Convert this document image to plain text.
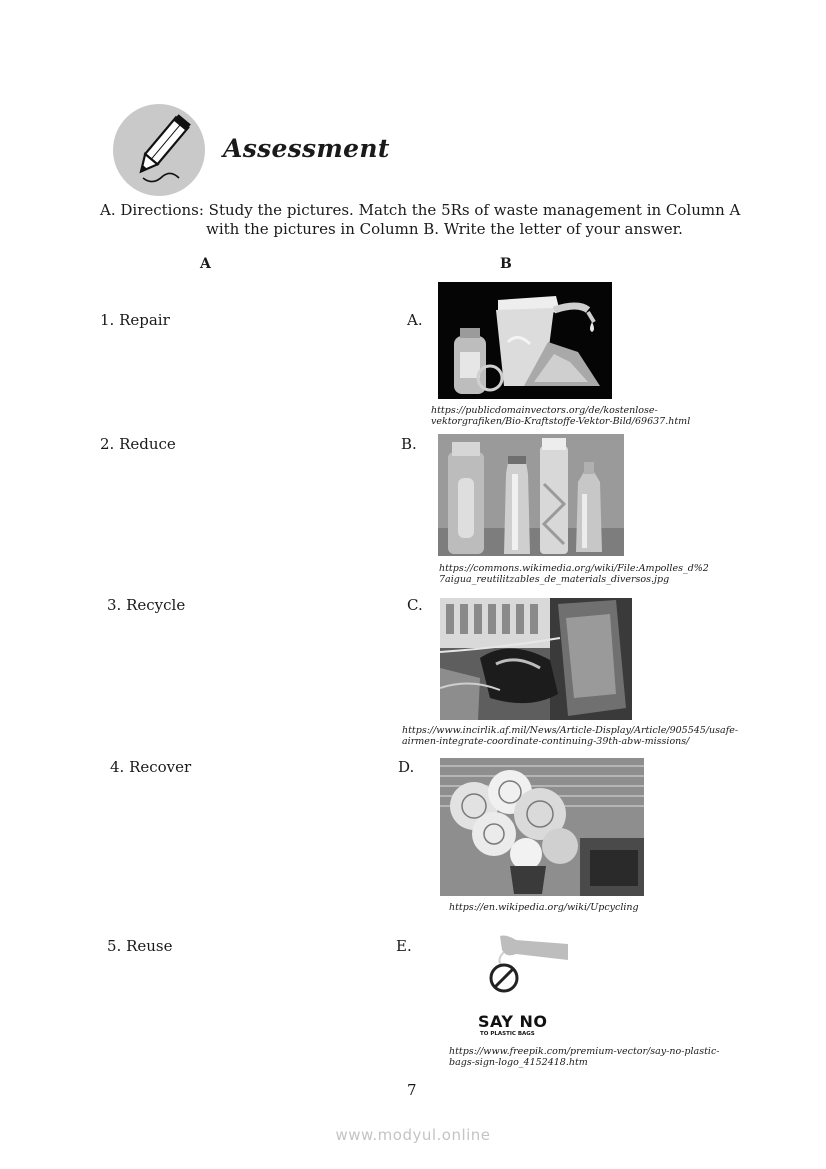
Assessment
A. Directions: Study the pictures. Match the 5Rs of waste management in Column A
with the pictures in Column B. Write the letter of your answer.
A	B
1. Repair
2. Reduce
3. Recycle
4. Recover
5. Reuse
A.
B.
C.
D.
E.
https://publicdomainvectors.org/de/kostenlose-
vektorgrafiken/Bio-Kraftstoffe-Vektor-Bild/69637.html
https://commons.wikimedia.org/wiki/File:Ampolles_d%2
7aigua_reutilitzables_de_materials_diversos.jpg
https://www.incirlik.af.mil/News/Article-Display/Article/905545/usafe-
airmen-integrate-coordinate-continuing-39th-abw-missions/
https://en.wikipedia.org/wiki/Upcycling
SAY NO
TO PLASTIC BAGS
https://www.freepik.com/premium-vector/say-no-plastic-
bags-sign-logo_4152418.htm
7
www.modyul.online
